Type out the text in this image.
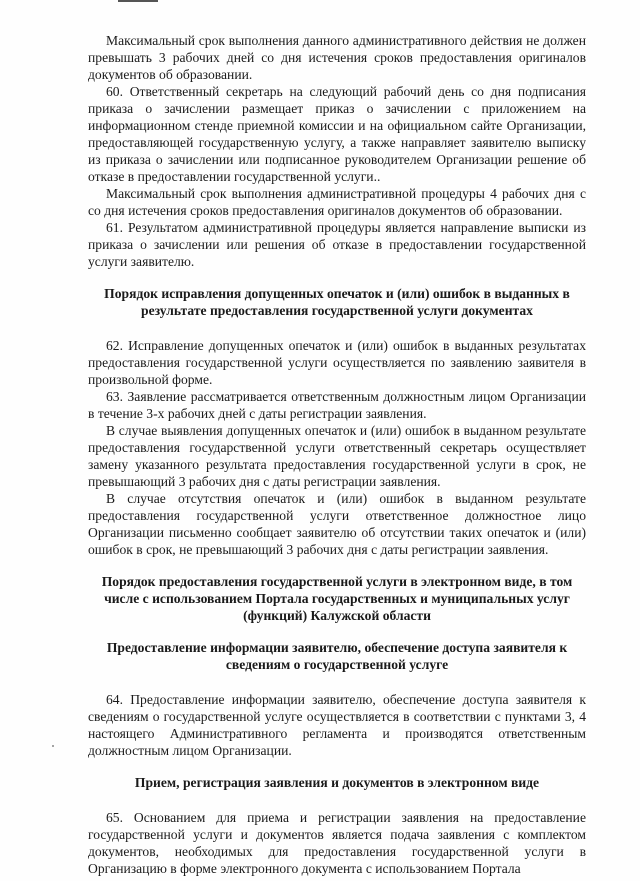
Максимальный срок выполнения данного административного действия не должен превышать 3 рабочих дней со дня истечения сроков предоставления оригиналов документов об образовании.

60. Ответственный секретарь на следующий рабочий день со дня подписания приказа о зачислении размещает приказ о зачислении с приложением на информационном стенде приемной комиссии и на официальном сайте Организации, предоставляющей государственную услугу, а также направляет заявителю выписку из приказа о зачислении или подписанное руководителем Организации решение об отказе в предоставлении государственной услуги..

Максимальный срок выполнения административной процедуры 4 рабочих дня с со дня истечения сроков предоставления оригиналов документов об образовании.

61. Результатом административной процедуры является направление выписки из приказа о зачислении или решения об отказе в предоставлении государственной услуги заявителю.

Порядок исправления допущенных опечаток и (или) ошибок в выданных в результате предоставления государственной услуги документах

62. Исправление допущенных опечаток и (или) ошибок в выданных результатах предоставления государственной услуги осуществляется по заявлению заявителя в произвольной форме.

63. Заявление рассматривается ответственным должностным лицом Организации в течение 3-х рабочих дней с даты регистрации заявления.

В случае выявления допущенных опечаток и (или) ошибок в выданном результате предоставления государственной услуги ответственный секретарь осуществляет замену указанного результата предоставления государственной услуги в срок, не превышающий 3 рабочих дня с даты регистрации заявления.

В случае отсутствия опечаток и (или) ошибок в выданном результате предоставления государственной услуги ответственное должностное лицо Организации письменно сообщает заявителю об отсутствии таких опечаток и (или) ошибок в срок, не превышающий 3 рабочих дня с даты регистрации заявления.

Порядок предоставления государственной услуги в электронном виде, в том числе с использованием Портала государственных и муниципальных услуг (функций) Калужской области
Предоставление информации заявителю, обеспечение доступа заявителя к сведениям о государственной услуге

64. Предоставление информации заявителю, обеспечение доступа заявителя к сведениям о государственной услуге осуществляется в соответствии с пунктами 3, 4 настоящего Административного регламента и производятся ответственным должностным лицом Организации.

Прием, регистрация заявления и документов в электронном виде

65. Основанием для приема и регистрации заявления на предоставление государственной услуги и документов является подача заявления с комплектом документов, необходимых для предоставления государственной услуги в Организацию в форме электронного документа с использованием Портала
